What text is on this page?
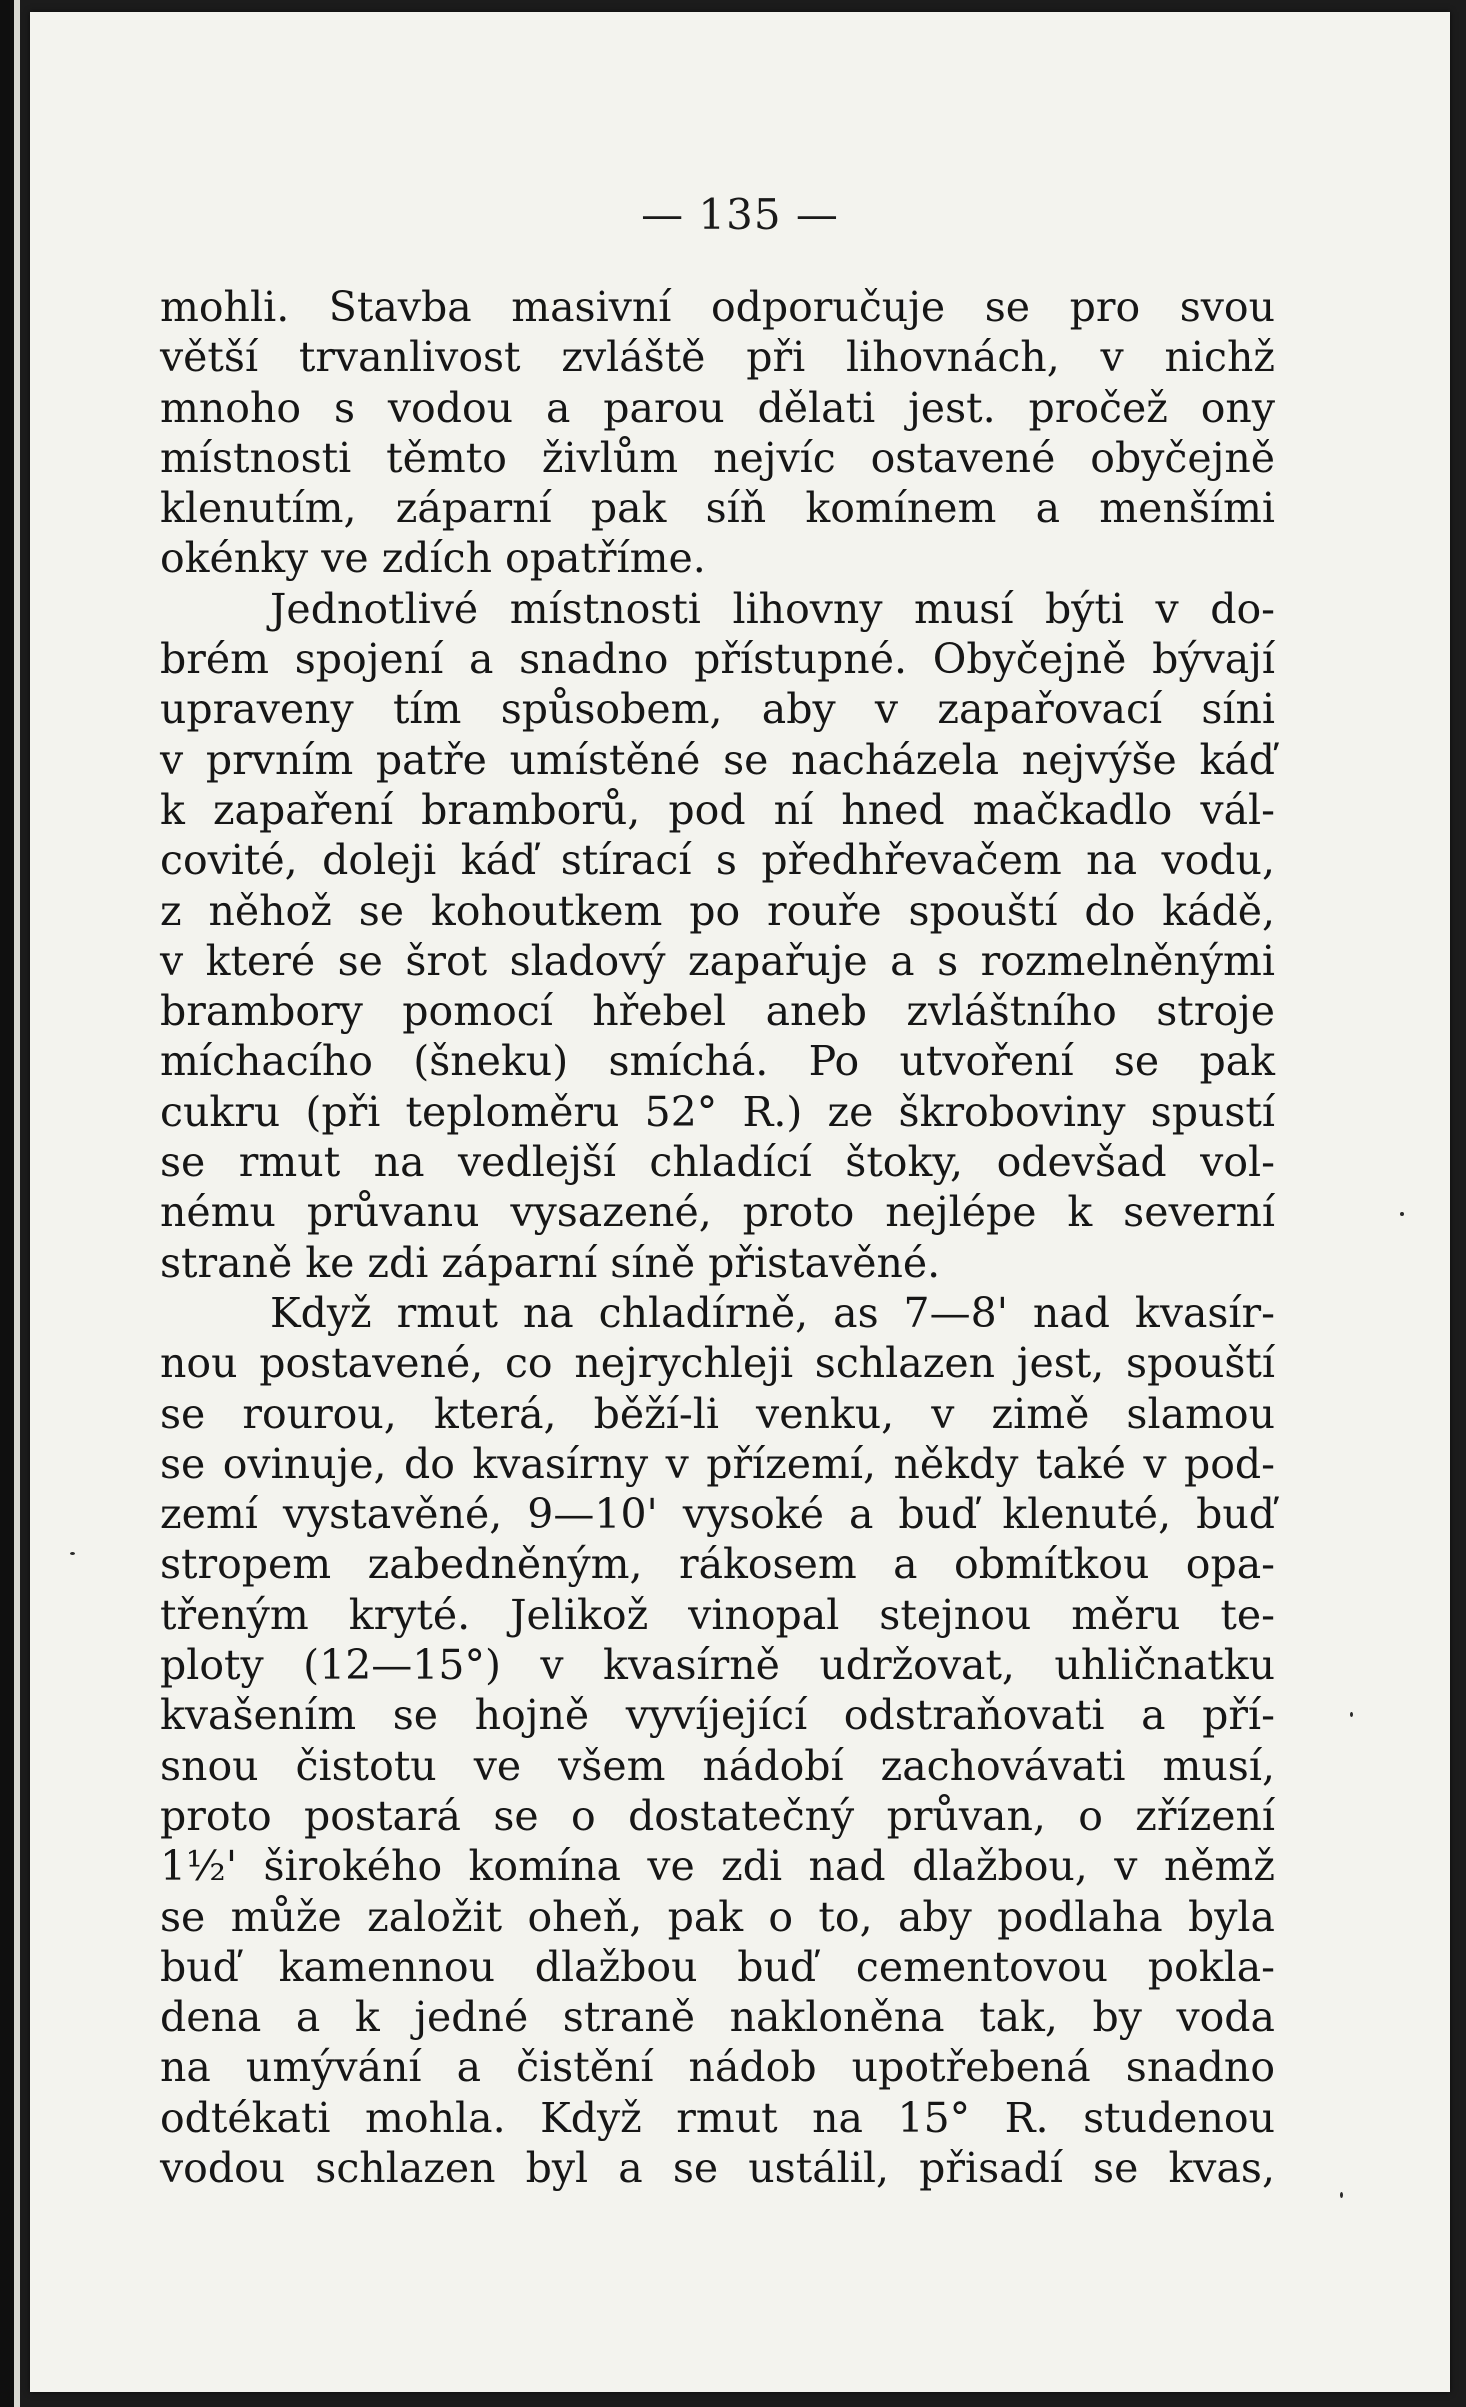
— 135 —
mohli. Stavba masivní odporučuje se pro svou
větší trvanlivost zvláště při lihovnách, v nichž
mnoho s vodou a parou dělati jest. pročež ony
místnosti těmto živlům nejvíc ostavené obyčejně
klenutím, záparní pak síň komínem a menšími
okénky ve zdích opatříme.
Jednotlivé místnosti lihovny musí býti v do-
brém spojení a snadno přístupné. Obyčejně bývají
upraveny tím spůsobem, aby v zapařovací síni
v prvním patře umístěné se nacházela nejvýše káď
k zapaření bramborů, pod ní hned mačkadlo vál-
covité, doleji káď stírací s předhřevačem na vodu,
z něhož se kohoutkem po rouře spouští do kádě,
v které se šrot sladový zapařuje a s rozmelněnými
brambory pomocí hřebel aneb zvláštního stroje
míchacího (šneku) smíchá. Po utvoření se pak
cukru (při teploměru 52° R.) ze škroboviny spustí
se rmut na vedlejší chladící štoky, odevšad vol-
nému průvanu vysazené, proto nejlépe k severní
straně ke zdi záparní síně přistavěné.
Když rmut na chladírně, as 7—8' nad kvasír-
nou postavené, co nejrychleji schlazen jest, spouští
se rourou, která, běží-li venku, v zimě slamou
se ovinuje, do kvasírny v přízemí, někdy také v pod-
zemí vystavěné, 9—10' vysoké a buď klenuté, buď
stropem zabedněným, rákosem a obmítkou opa-
třeným kryté. Jelikož vinopal stejnou měru te-
ploty (12—15°) v kvasírně udržovat, uhličnatku
kvašením se hojně vyvíjející odstraňovati a pří-
snou čistotu ve všem nádobí zachovávati musí,
proto postará se o dostatečný průvan, o zřízení
1½' širokého komína ve zdi nad dlažbou, v němž
se může založit oheň, pak o to, aby podlaha byla
buď kamennou dlažbou buď cementovou pokla-
dena a k jedné straně nakloněna tak, by voda
na umývání a čistění nádob upotřebená snadno
odtékati mohla. Když rmut na 15° R. studenou
vodou schlazen byl a se ustálil, přisadí se kvas,
